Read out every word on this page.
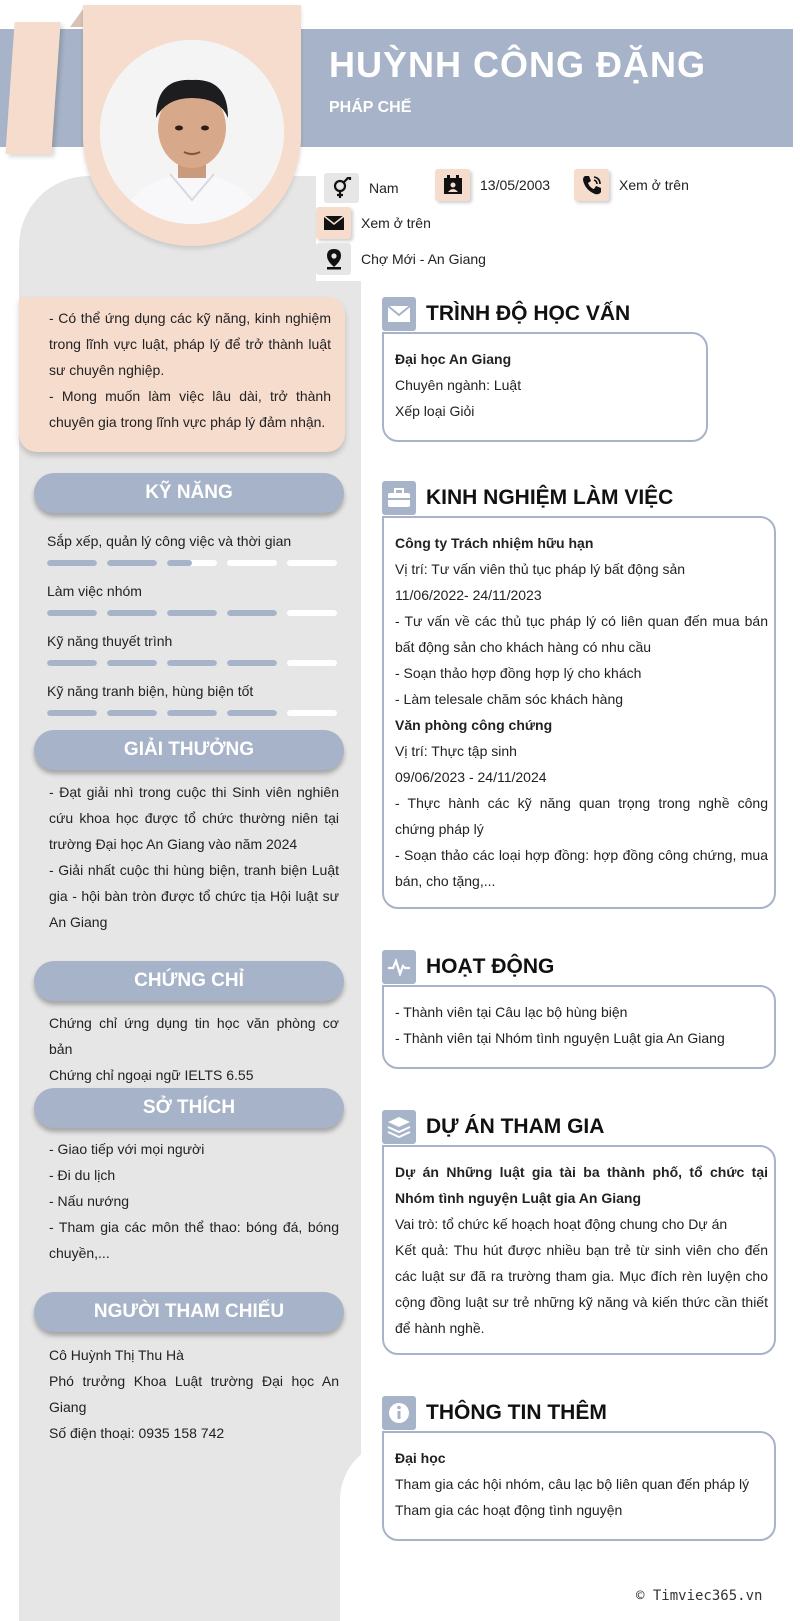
HUỲNH CÔNG ĐẶNG
PHÁP CHẾ
Nam	13/05/2003	Xem ở trên
Xem ở trên
Chợ Mới - An Giang
- Có thể ứng dụng các kỹ năng, kinh nghiệm trong lĩnh vực luật, pháp lý để trở thành luật sư chuyên nghiệp.
- Mong muốn làm việc lâu dài, trở thành chuyên gia trong lĩnh vực pháp lý đảm nhận.
KỸ NĂNG
Sắp xếp, quản lý công việc và thời gian
Làm việc nhóm
Kỹ năng thuyết trình
Kỹ năng tranh biện, hùng biện tốt
GIẢI THƯỞNG
- Đạt giải nhì trong cuộc thi Sinh viên nghiên cứu khoa học được tổ chức thường niên tại trường Đại học An Giang vào năm 2024
- Giải nhất cuộc thi hùng biện, tranh biện Luật gia - hội bàn tròn được tổ chức tịa Hội luật sư An Giang
CHỨNG CHỈ
Chứng chỉ ứng dụng tin học văn phòng cơ bản
Chứng chỉ ngoại ngữ IELTS 6.55
SỞ THÍCH
- Giao tiếp với mọi người
- Đi du lịch
- Nấu nướng
- Tham gia các môn thể thao: bóng đá, bóng chuyền,...
NGƯỜI THAM CHIẾU
Cô Huỳnh Thị Thu Hà
Phó trưởng Khoa Luật trường Đại học An Giang
Số điện thoại: 0935 158 742
TRÌNH ĐỘ HỌC VẤN
Đại học An Giang
Chuyên ngành: Luật
Xếp loại Giỏi
KINH NGHIỆM LÀM VIỆC
Công ty Trách nhiệm hữu hạn
Vị trí: Tư vấn viên thủ tục pháp lý bất động sản
11/06/2022- 24/11/2023
- Tư vấn về các thủ tục pháp lý có liên quan đến mua bán bất động sản cho khách hàng có nhu cầu
- Soạn thảo hợp đồng hợp lý cho khách
- Làm telesale chăm sóc khách hàng
Văn phòng công chứng
Vị trí: Thực tập sinh
09/06/2023 - 24/11/2024
- Thực hành các kỹ năng quan trọng trong nghề công chứng pháp lý
- Soạn thảo các loại hợp đồng: hợp đồng công chứng, mua bán, cho tặng,...
HOẠT ĐỘNG
- Thành viên tại Câu lạc bộ hùng biện
- Thành viên tại Nhóm tình nguyện Luật gia An Giang
DỰ ÁN THAM GIA
Dự án Những luật gia tài ba thành phố, tổ chức tại Nhóm tình nguyện Luật gia An Giang
Vai trò: tổ chức kế hoạch hoạt động chung cho Dự án
Kết quả: Thu hút được nhiều bạn trẻ từ sinh viên cho đến các luật sư đã ra trường tham gia. Mục đích rèn luyện cho cộng đồng luật sư trẻ những kỹ năng và kiến thức cần thiết để hành nghề.
THÔNG TIN THÊM
Đại học
Tham gia các hội nhóm, câu lạc bộ liên quan đến pháp lý
Tham gia các hoạt động tình nguyện
© Timviec365.vn
